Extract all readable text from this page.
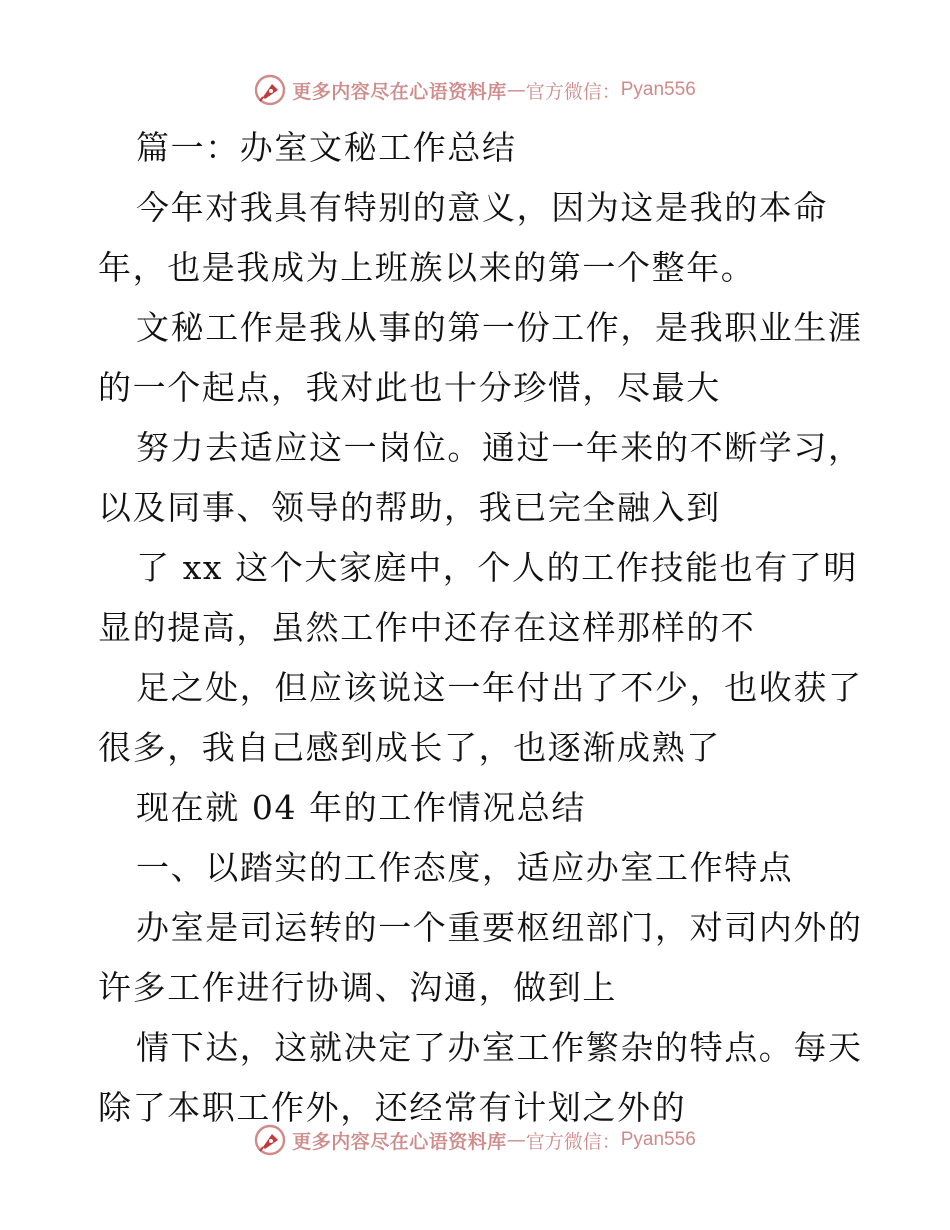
更多内容尽在心语资料库 — 官方微信： Pyan556
篇一：办室文秘工作总结
今年对我具有特别的意义，因为这是我的本命
年，也是我成为上班族以来的第一个整年。
文秘工作是我从事的第一份工作，是我职业生涯
的一个起点，我对此也十分珍惜，尽最大
努力去适应这一岗位。通过一年来的不断学习，
以及同事、领导的帮助，我已完全融入到
了 xx 这个大家庭中，个人的工作技能也有了明
显的提高，虽然工作中还存在这样那样的不
足之处，但应该说这一年付出了不少，也收获了
很多，我自己感到成长了，也逐渐成熟了
现在就 04 年的工作情况总结
一、以踏实的工作态度，适应办室工作特点
办室是司运转的一个重要枢纽部门，对司内外的
许多工作进行协调、沟通，做到上
情下达，这就决定了办室工作繁杂的特点。每天
除了本职工作外，还经常有计划之外的
更多内容尽在心语资料库 — 官方微信： Pyan556
